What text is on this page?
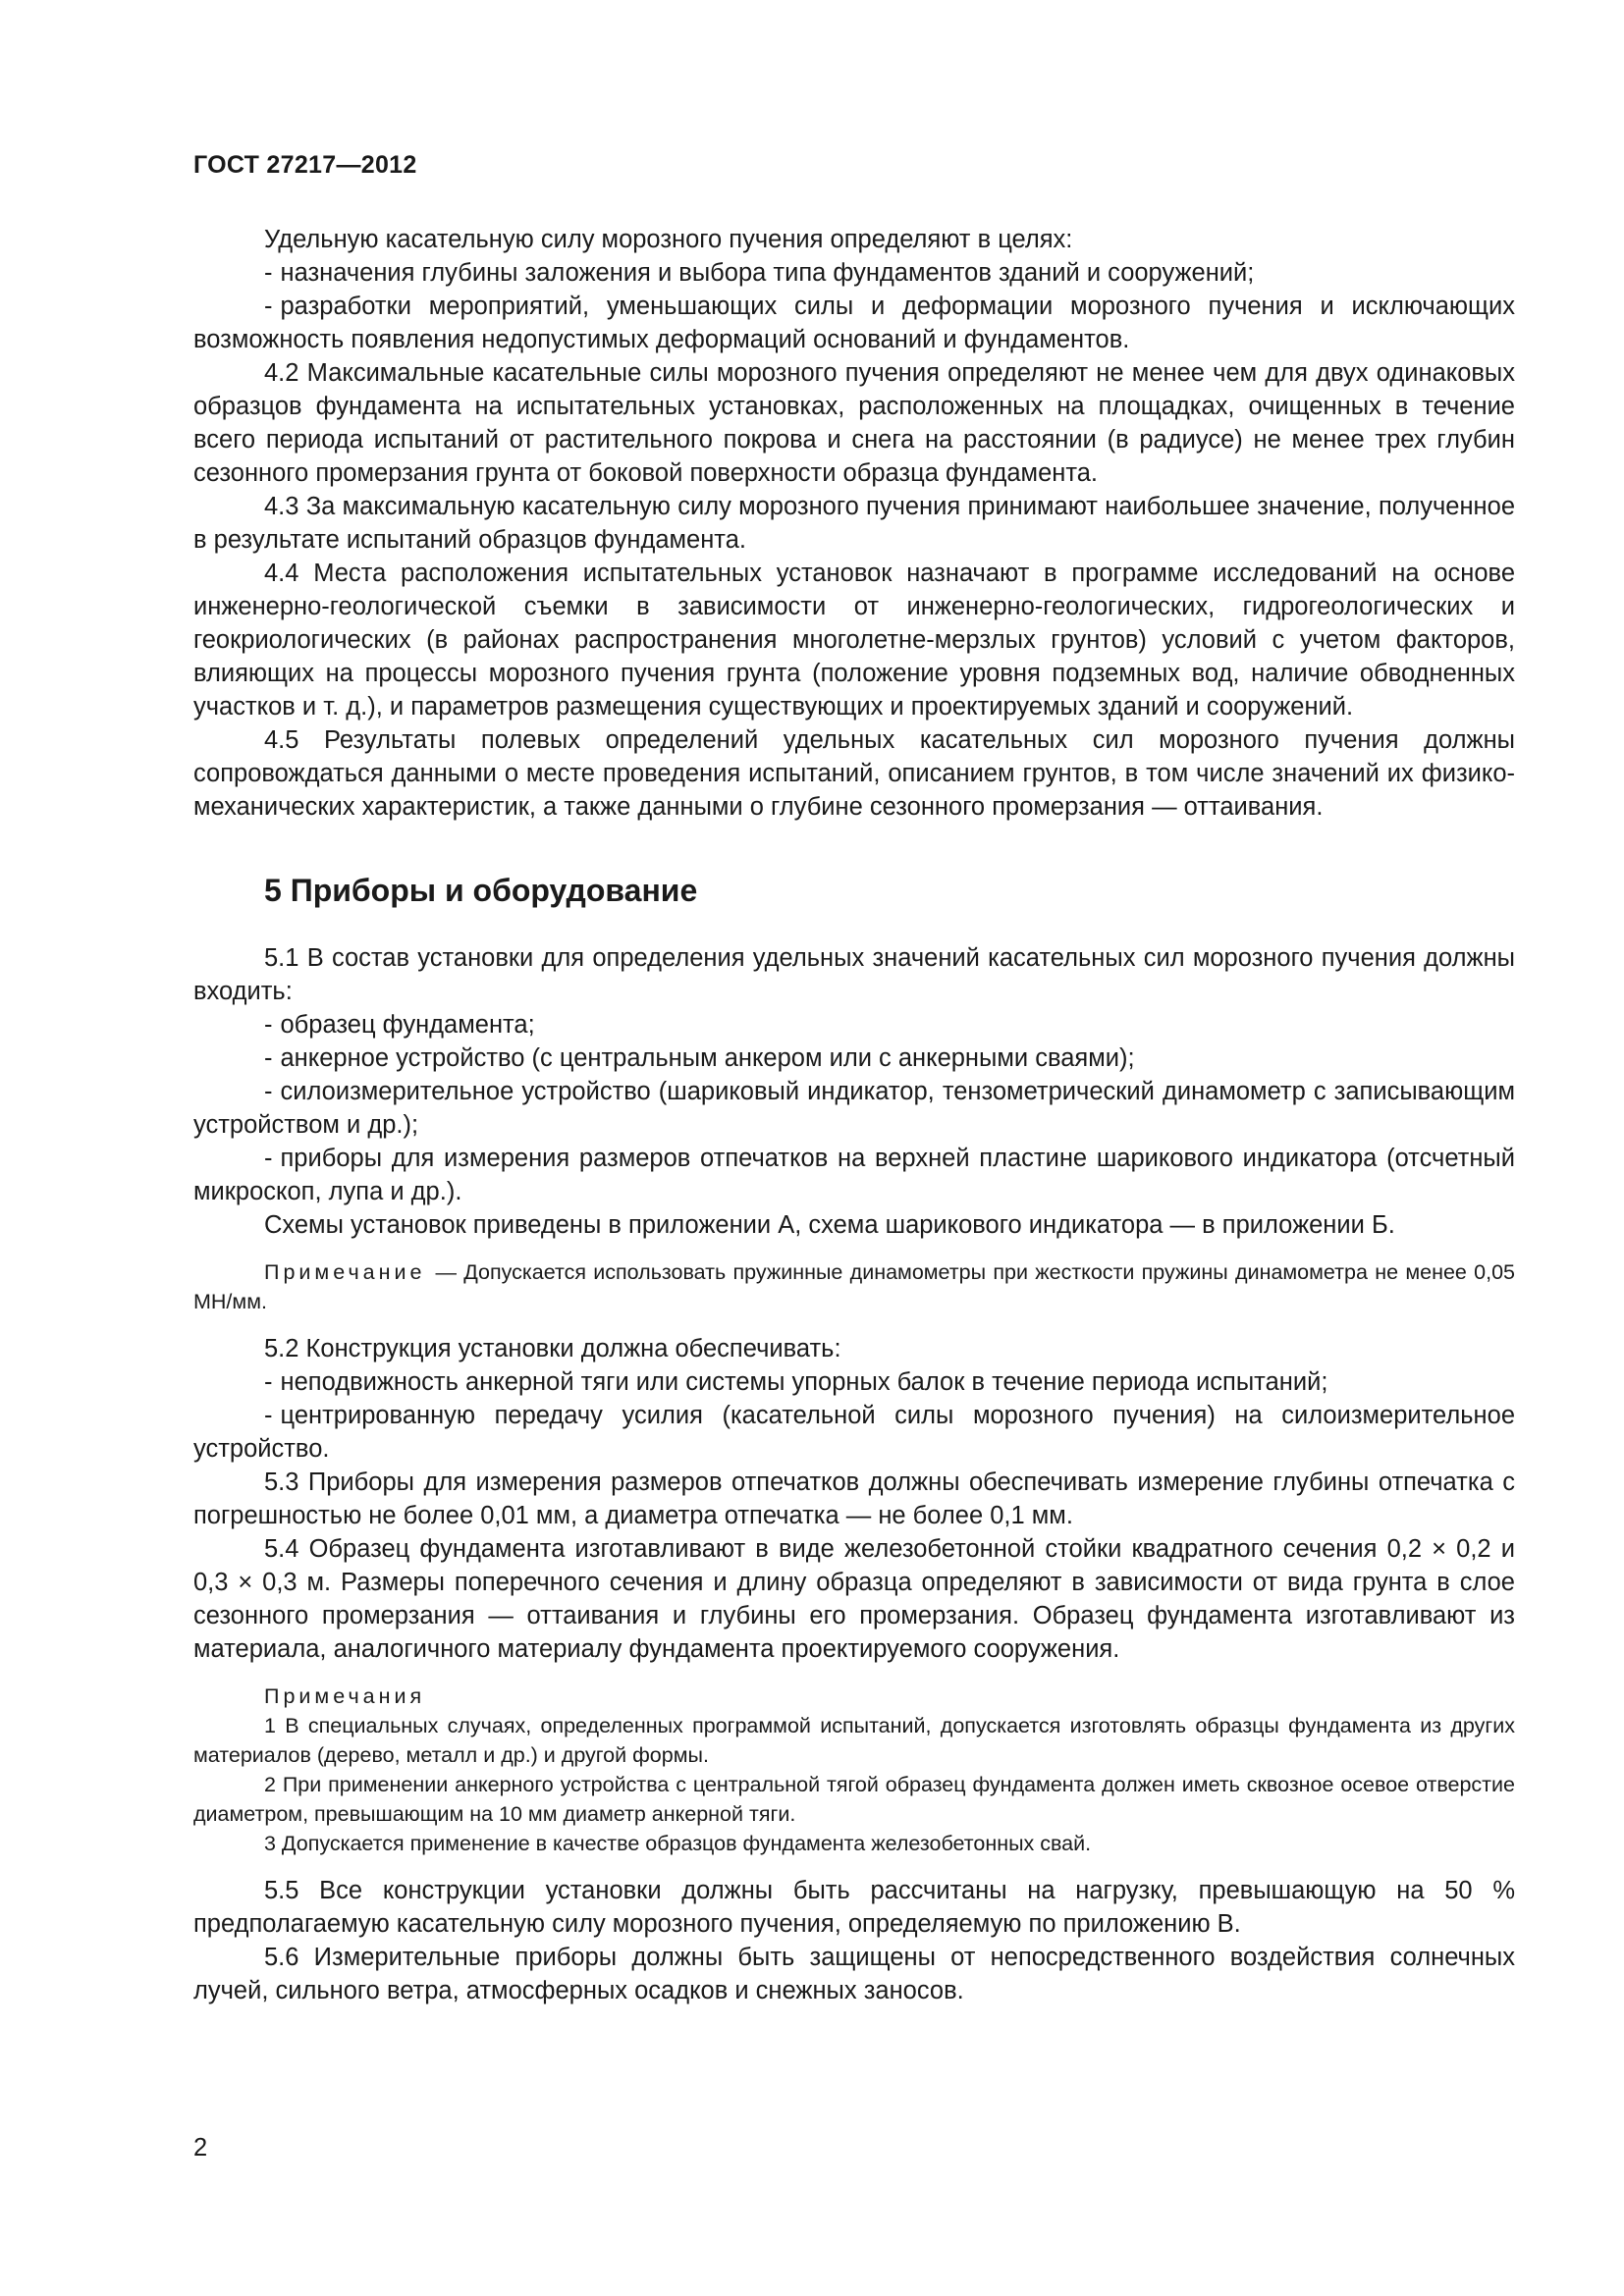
ГОСТ 27217—2012

Удельную касательную силу морозного пучения определяют в целях:

- назначения глубины заложения и выбора типа фундаментов зданий и сооружений;

- разработки мероприятий, уменьшающих силы и деформации морозного пучения и исключающих возможность появления недопустимых деформаций оснований и фундаментов.

4.2 Максимальные касательные силы морозного пучения определяют не менее чем для двух одинаковых образцов фундамента на испытательных установках, расположенных на площадках, очищенных в течение всего периода испытаний от растительного покрова и снега на расстоянии (в радиусе) не менее трех глубин сезонного промерзания грунта от боковой поверхности образца фундамента.

4.3 За максимальную касательную силу морозного пучения принимают наибольшее значение, полученное в результате испытаний образцов фундамента.

4.4 Места расположения испытательных установок назначают в программе исследований на основе инженерно-геологической съемки в зависимости от инженерно-геологических, гидрогеологических и геокриологических (в районах распространения многолетне-мерзлых грунтов) условий с учетом факторов, влияющих на процессы морозного пучения грунта (положение уровня подземных вод, наличие обводненных участков и т. д.), и параметров размещения существующих и проектируемых зданий и сооружений.

4.5 Результаты полевых определений удельных касательных сил морозного пучения должны сопровождаться данными о месте проведения испытаний, описанием грунтов, в том числе значений их физико-механических характеристик, а также данными о глубине сезонного промерзания — оттаивания.

5 Приборы и оборудование

5.1 В состав установки для определения удельных значений касательных сил морозного пучения должны входить:

- образец фундамента;

- анкерное устройство (с центральным анкером или с анкерными сваями);

- силоизмерительное устройство (шариковый индикатор, тензометрический динамометр с записывающим устройством и др.);

- приборы для измерения размеров отпечатков на верхней пластине шарикового индикатора (отсчетный микроскоп, лупа и др.).

Схемы установок приведены в приложении А, схема шарикового индикатора — в приложении Б.

Примечание — Допускается использовать пружинные динамометры при жесткости пружины динамометра не менее 0,05 МН/мм.

5.2 Конструкция установки должна обеспечивать:

- неподвижность анкерной тяги или системы упорных балок в течение периода испытаний;

- центрированную передачу усилия (касательной силы морозного пучения) на силоизмерительное устройство.

5.3 Приборы для измерения размеров отпечатков должны обеспечивать измерение глубины отпечатка с погрешностью не более 0,01 мм, а диаметра отпечатка — не более 0,1 мм.

5.4 Образец фундамента изготавливают в виде железобетонной стойки квадратного сечения 0,2 × 0,2 и 0,3 × 0,3 м. Размеры поперечного сечения и длину образца определяют в зависимости от вида грунта в слое сезонного промерзания — оттаивания и глубины его промерзания. Образец фундамента изготавливают из материала, аналогичного материалу фундамента проектируемого сооружения.

Примечания

1 В специальных случаях, определенных программой испытаний, допускается изготовлять образцы фундамента из других материалов (дерево, металл и др.) и другой формы.

2 При применении анкерного устройства с центральной тягой образец фундамента должен иметь сквозное осевое отверстие диаметром, превышающим на 10 мм диаметр анкерной тяги.

3 Допускается применение в качестве образцов фундамента железобетонных свай.

5.5 Все конструкции установки должны быть рассчитаны на нагрузку, превышающую на 50 % предполагаемую касательную силу морозного пучения, определяемую по приложению В.

5.6 Измерительные приборы должны быть защищены от непосредственного воздействия солнечных лучей, сильного ветра, атмосферных осадков и снежных заносов.

2
